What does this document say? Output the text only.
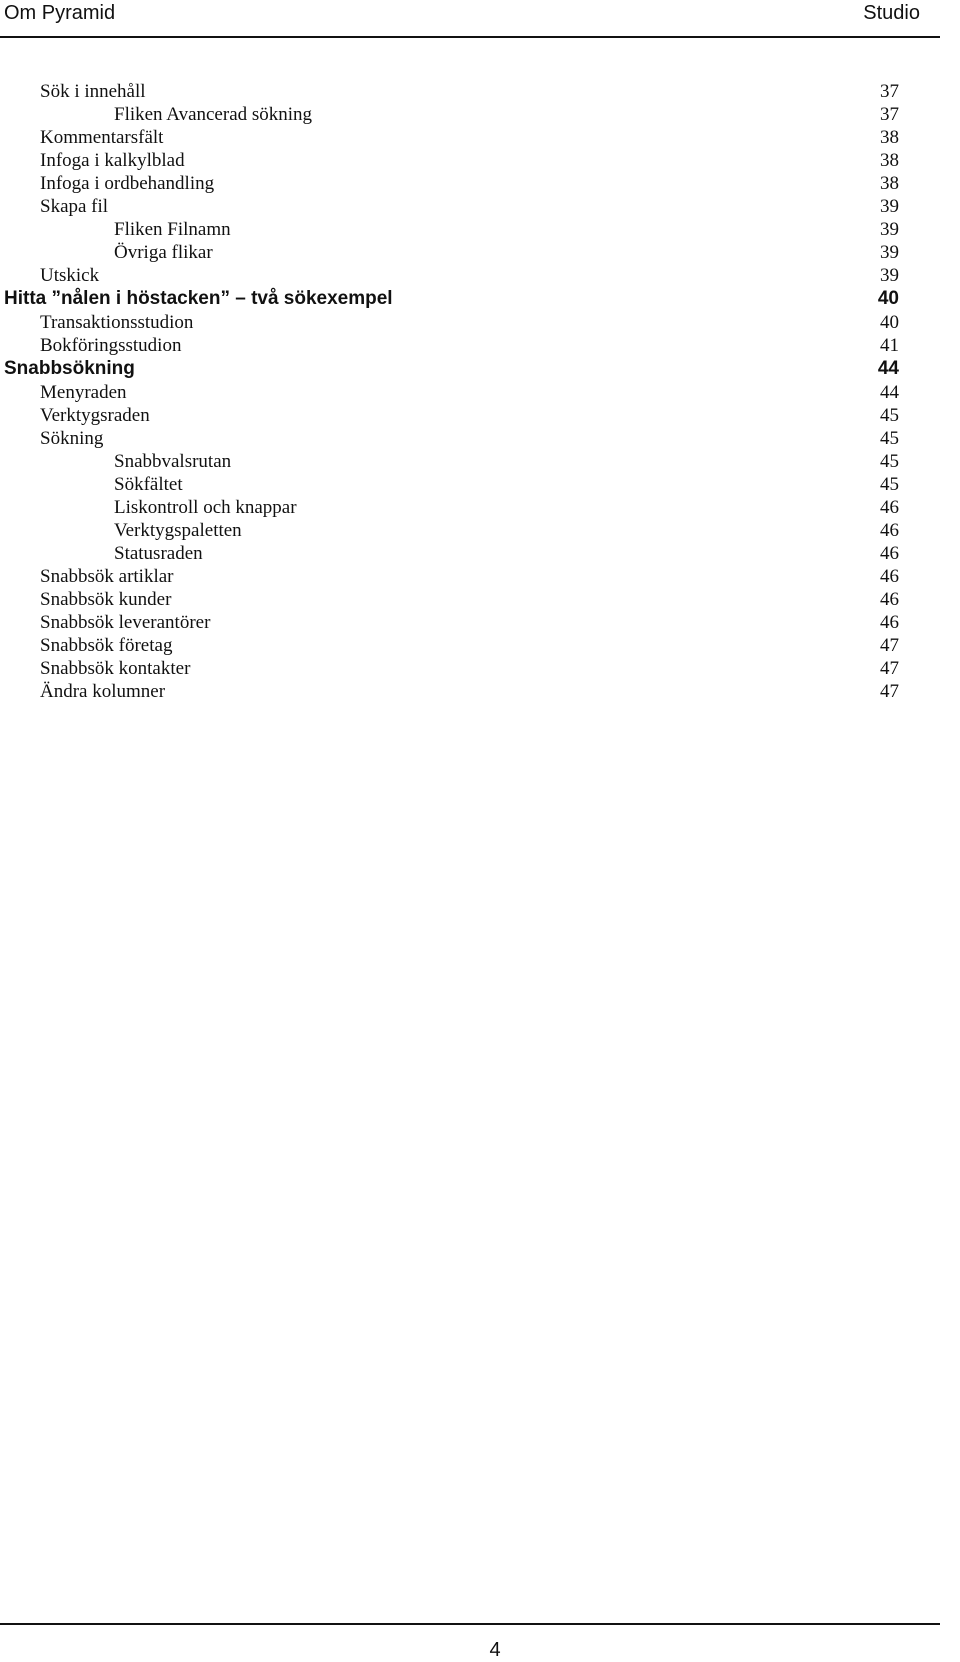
Om Pyramid	Studio
Sök i innehåll	37
Fliken Avancerad sökning	37
Kommentarsfält	38
Infoga i kalkylblad	38
Infoga i ordbehandling	38
Skapa fil	39
Fliken Filnamn	39
Övriga flikar	39
Utskick	39
Hitta ”nålen i höstacken” – två sökexempel	40
Transaktionsstudion	40
Bokföringsstudion	41
Snabbsökning	44
Menyraden	44
Verktygsraden	45
Sökning	45
Snabbvalsrutan	45
Sökfältet	45
Liskontroll och knappar	46
Verktygspaletten	46
Statusraden	46
Snabbsök artiklar	46
Snabbsök kunder	46
Snabbsök leverantörer	46
Snabbsök företag	47
Snabbsök kontakter	47
Ändra kolumner	47
4
